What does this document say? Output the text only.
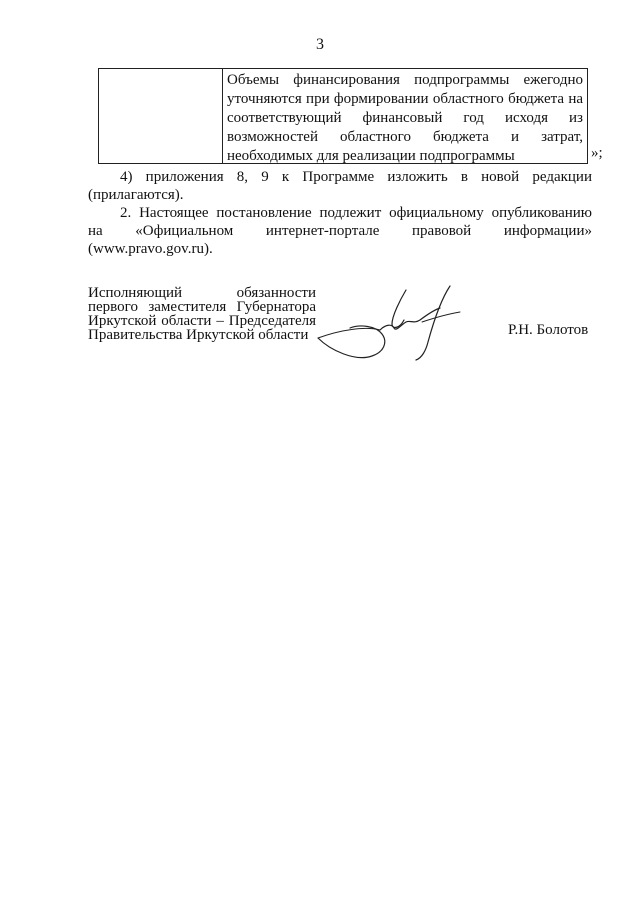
3
Объемы финансирования подпрограммы ежегодно
уточняются при формировании областного бюджета на
соответствующий финансовый год исходя из
возможностей областного бюджета и затрат,
необходимых для реализации подпрограммы	»;
4) приложения 8, 9 к Программе изложить в новой редакции
(прилагаются).
2. Настоящее постановление подлежит официальному опубликованию
на «Официальном интернет-портале правовой информации»
(www.pravo.gov.ru).
Исполняющий обязанности
первого заместителя Губернатора
Иркутской области – Председателя
Правительства Иркутской области	Р.Н. Болотов
